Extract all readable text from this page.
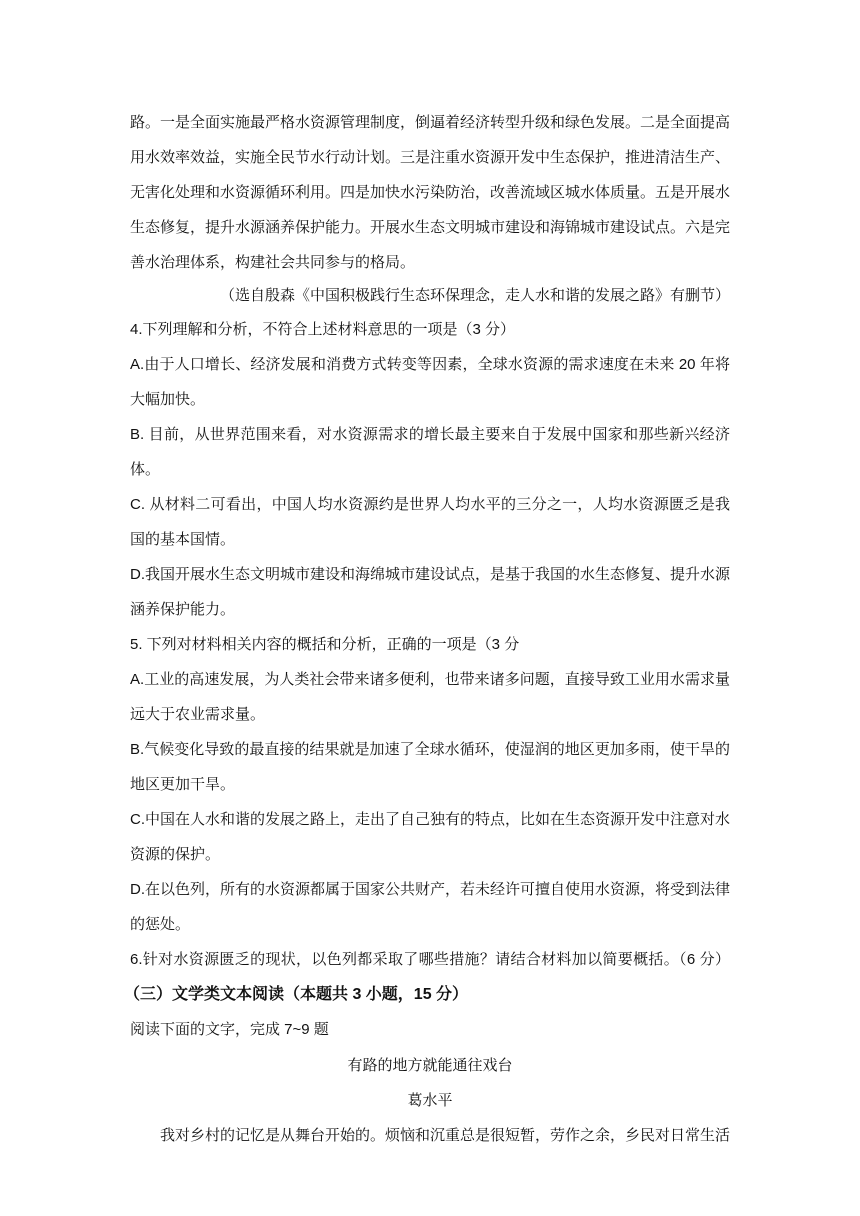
路。一是全面实施最严格水资源管理制度，倒逼着经济转型升级和绿色发展。二是全面提高
用水效率效益，实施全民节水行动计划。三是注重水资源开发中生态保护，推进清洁生产、
无害化处理和水资源循环利用。四是加快水污染防治，改善流域区城水体质量。五是开展水
生态修复，提升水源涵养保护能力。开展水生态文明城市建设和海锦城市建设试点。六是完
善水治理体系，构建社会共同参与的格局。
（选自殷森《中国积极践行生态环保理念，走人水和谐的发展之路》有删节）
4.下列理解和分析，不符合上述材料意思的一项是（3 分）
A.由于人口增长、经济发展和消费方式转变等因素，全球水资源的需求速度在未来 20 年将
大幅加快。
B. 目前，从世界范围来看，对水资源需求的增长最主要来自于发展中国家和那些新兴经济
体。
C. 从材料二可看出，中国人均水资源约是世界人均水平的三分之一，人均水资源匮乏是我
国的基本国情。
D.我国开展水生态文明城市建设和海绵城市建设试点，是基于我国的水生态修复、提升水源
涵养保护能力。
5. 下列对材料相关内容的概括和分析，正确的一项是（3 分
A.工业的高速发展，为人类社会带来诸多便利，也带来诸多问题，直接导致工业用水需求量
远大于农业需求量。
B.气候变化导致的最直接的结果就是加速了全球水循环，使湿润的地区更加多雨，使干旱的
地区更加干旱。
C.中国在人水和谐的发展之路上，走出了自己独有的特点，比如在生态资源开发中注意对水
资源的保护。
D.在以色列，所有的水资源都属于国家公共财产，若未经许可擅自使用水资源，将受到法律
的惩处。
6.针对水资源匮乏的现状，以色列都采取了哪些措施？请结合材料加以简要概括。（6 分）
（三）文学类文本阅读（本题共 3 小题，15 分）
阅读下面的文字，完成 7~9 题
有路的地方就能通往戏台
葛水平
我对乡村的记忆是从舞台开始的。烦恼和沉重总是很短暂，劳作之余，乡民对日常生活
